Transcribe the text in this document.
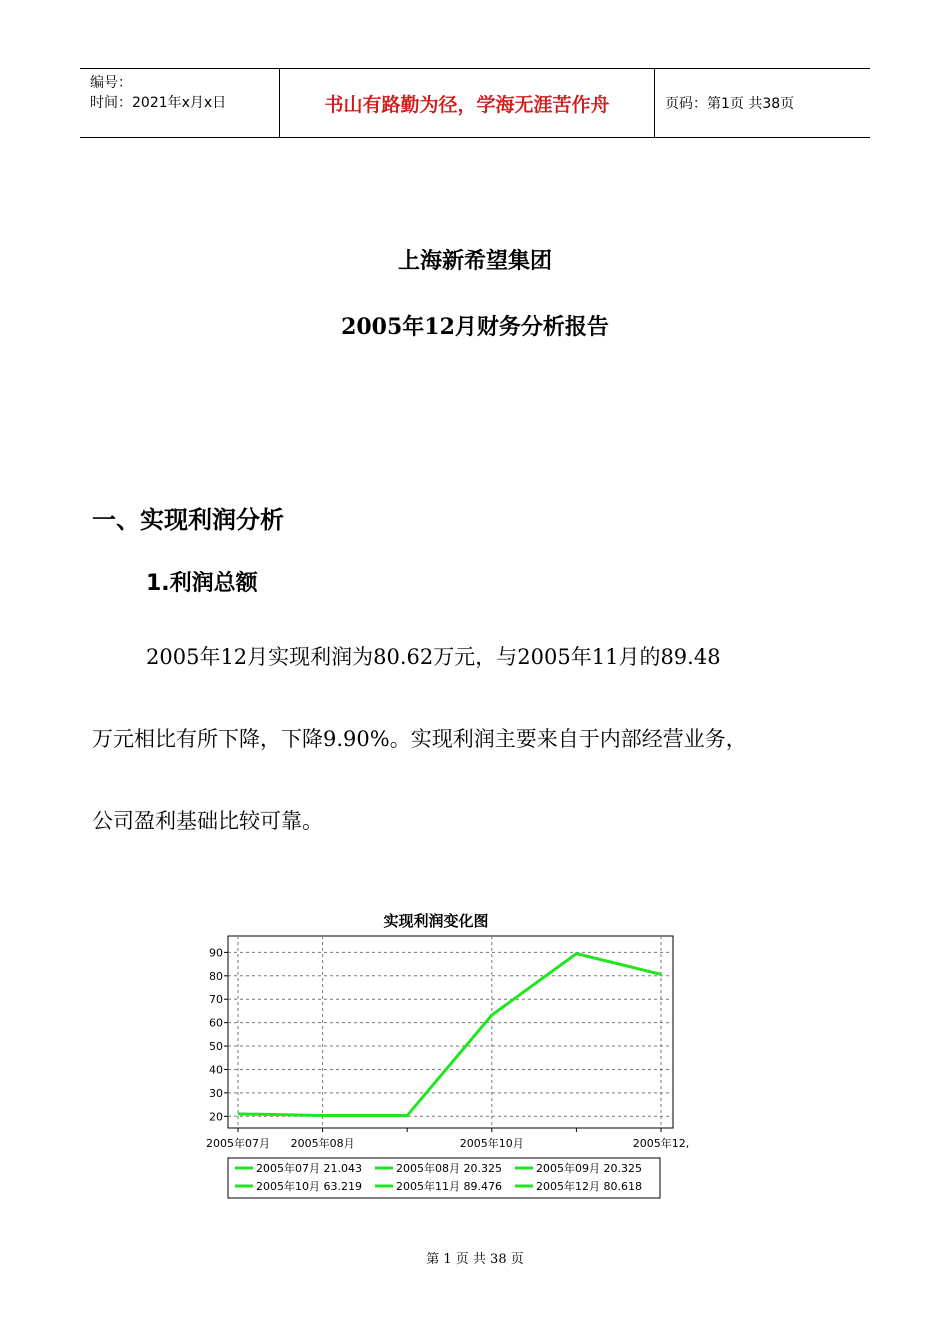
编号：
时间：2021年x月x日	书山有路勤为径，学海无涯苦作舟	页码：第1页 共38页
上海新希望集团
2005年12月财务分析报告
一、实现利润分析
1.利润总额
2005年12月实现利润为80.62万元，与2005年11月的89.48
万元相比有所下降，下降9.90%。实现利润主要来自于内部经营业务，
公司盈利基础比较可靠。
实现利润变化图
20
30
40
50
60
70
80
90
2005年07月 2005年08月	2005年10月	2005年12,
2005年07月 21.043	2005年08月 20.325	2005年09月 20.325
2005年10月 63.219	2005年11月 89.476	2005年12月 80.618
第 1 页 共 38 页
